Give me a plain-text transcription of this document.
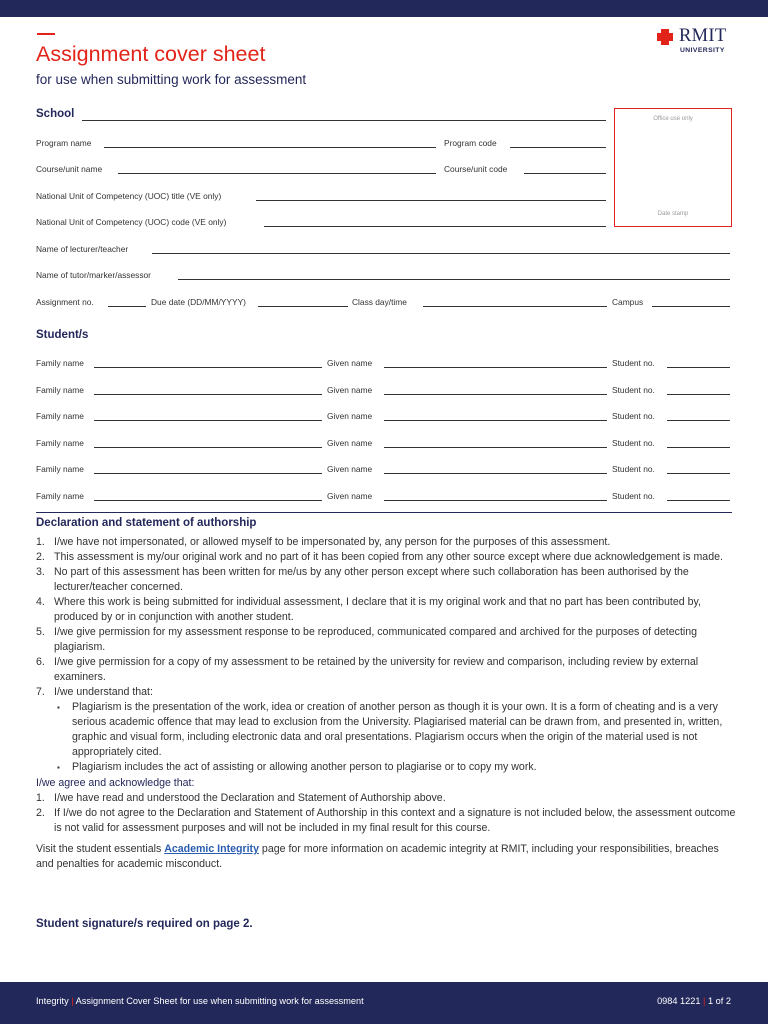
Assignment cover sheet
for use when submitting work for assessment
RMIT
UNIVERSITY
School
Program name	Program code
Course/unit name	Course/unit code
National Unit of Competency (UOC) title (VE only)
National Unit of Competency (UOC) code (VE only)
Office use only
Date stamp
Name of lecturer/teacher
Name of tutor/marker/assessor
Assignment no.	Due date (DD/MM/YYYY)	Class day/time	Campus
Student/s
Family name	Given name	Student no.
Family name	Given name	Student no.
Family name	Given name	Student no.
Family name	Given name	Student no.
Family name	Given name	Student no.
Family name	Given name	Student no.
Declaration and statement of authorship
1. I/we have not impersonated, or allowed myself to be impersonated by, any person for the purposes of this assessment.
2. This assessment is my/our original work and no part of it has been copied from any other source except where due acknowledgement is made.
3. No part of this assessment has been written for me/us by any other person except where such collaboration has been authorised by the lecturer/teacher concerned.
4. Where this work is being submitted for individual assessment, I declare that it is my original work and that no part has been contributed by, produced by or in conjunction with another student.
5. I/we give permission for my assessment response to be reproduced, communicated compared and archived for the purposes of detecting plagiarism.
6. I/we give permission for a copy of my assessment to be retained by the university for review and comparison, including review by external examiners.
7. I/we understand that:
▪ Plagiarism is the presentation of the work, idea or creation of another person as though it is your own. It is a form of cheating and is a very serious academic offence that may lead to exclusion from the University. Plagiarised material can be drawn from, and presented in, written, graphic and visual form, including electronic data and oral presentations. Plagiarism occurs when the origin of the material used is not appropriately cited.
▪ Plagiarism includes the act of assisting or allowing another person to plagiarise or to copy my work.
I/we agree and acknowledge that:
1. I/we have read and understood the Declaration and Statement of Authorship above.
2. If I/we do not agree to the Declaration and Statement of Authorship in this context and a signature is not included below, the assessment outcome is not valid for assessment purposes and will not be included in my final result for this course.
Visit the student essentials Academic Integrity page for more information on academic integrity at RMIT, including your responsibilities, breaches and penalties for academic misconduct.
Student signature/s required on page 2.
Integrity | Assignment Cover Sheet for use when submitting work for assessment	0984 1221 | 1 of 2
